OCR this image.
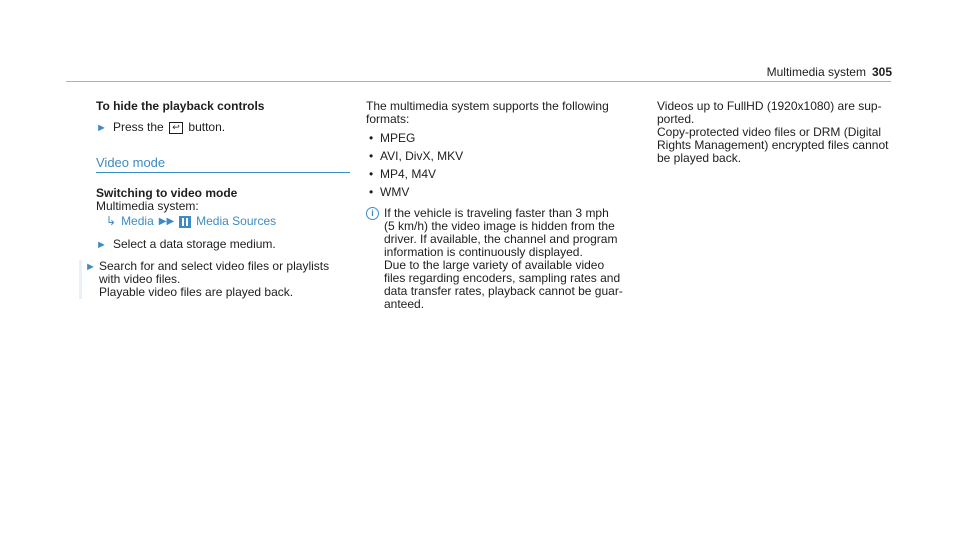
Multimedia system 305
To hide the playback controls
► Press the ↩ button.
Video mode
Switching to video mode
Multimedia system:
↳ Media ▶▶ Media Sources
► Select a data storage medium.
► Search for and select video files or playlists
with video files.
Playable video files are played back.
The multimedia system supports the following
formats:
• MPEG
• AVI, DivX, MKV
• MP4, M4V
• WMV
i If the vehicle is traveling faster than 3 mph
(5 km/h) the video image is hidden from the
driver. If available, the channel and program
information is continuously displayed.
Due to the large variety of available video
files regarding encoders, sampling rates and
data transfer rates, playback cannot be guar-
anteed.
Videos up to FullHD (1920x1080) are sup-
ported.
Copy-protected video files or DRM (Digital
Rights Management) encrypted files cannot
be played back.
